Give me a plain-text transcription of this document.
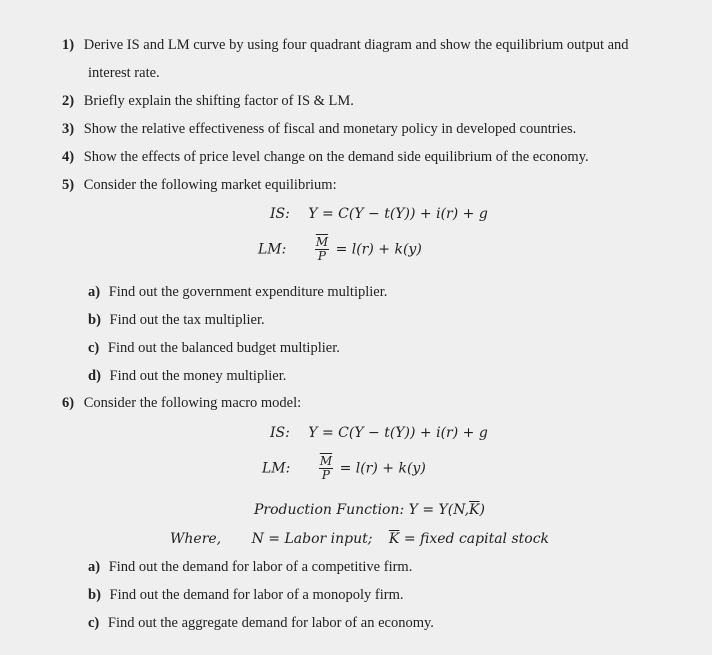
1) Derive IS and LM curve by using four quadrant diagram and show the equilibrium output and
interest rate.
2) Briefly explain the shifting factor of IS & LM.
3) Show the relative effectiveness of fiscal and monetary policy in developed countries.
4) Show the effects of price level change on the demand side equilibrium of the economy.
5) Consider the following market equilibrium:
IS: Y = C(Y − t(Y)) + i(r) + g
LM: $\frac{\overline{M}}{P} = l(r) + k(y)$
a) Find out the government expenditure multiplier.
b) Find out the tax multiplier.
c) Find out the balanced budget multiplier.
d) Find out the money multiplier.
6) Consider the following macro model:
IS: Y = C(Y − t(Y)) + i(r) + g
LM: $\frac{\overline{M}}{P} = l(r) + k(y)$
Production Function: $Y = Y(N,\overline{K})$
Where, N = Labor input; $\overline{K}$ = fixed capital stock
a) Find out the demand for labor of a competitive firm.
b) Find out the demand for labor of a monopoly firm.
c) Find out the aggregate demand for labor of an economy.
